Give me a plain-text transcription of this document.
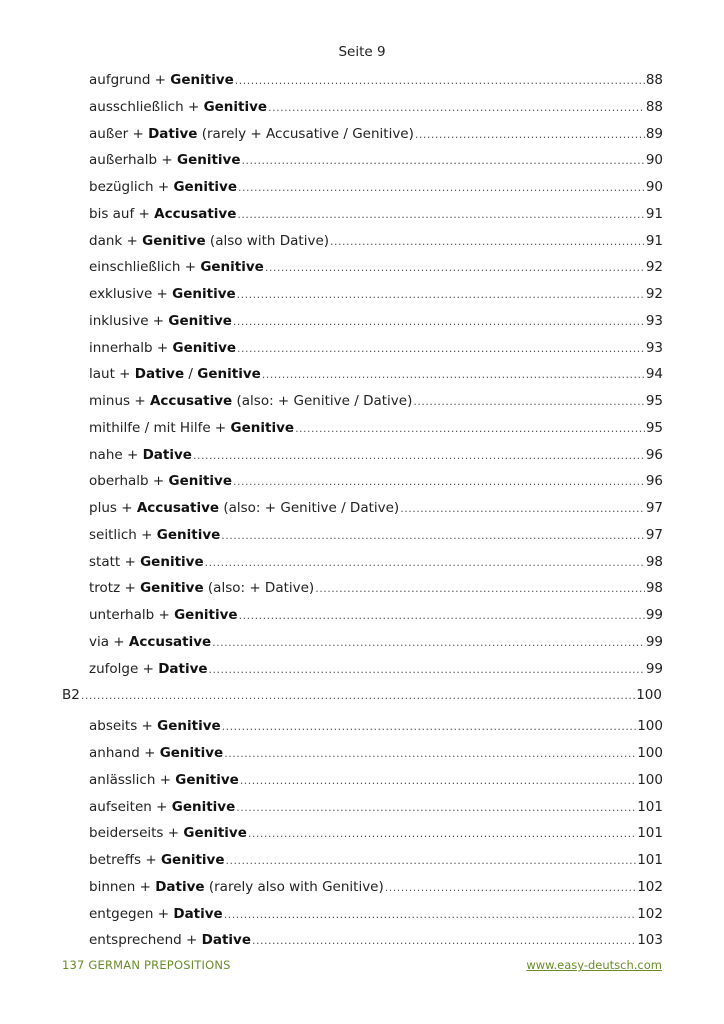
Seite 9
aufgrund + Genitive .....	88
ausschließlich + Genitive .....	88
außer + Dative (rarely + Accusative / Genitive) .....	89
außerhalb + Genitive .....	90
bezüglich + Genitive .....	90
bis auf + Accusative .....	91
dank + Genitive (also with Dative) .....	91
einschließlich + Genitive .....	92
exklusive + Genitive .....	92
inklusive + Genitive .....	93
innerhalb + Genitive .....	93
laut + Dative / Genitive .....	94
minus + Accusative (also: + Genitive / Dative) .....	95
mithilfe / mit Hilfe + Genitive .....	95
nahe + Dative .....	96
oberhalb + Genitive .....	96
plus + Accusative (also: + Genitive / Dative) .....	97
seitlich + Genitive .....	97
statt + Genitive .....	98
trotz + Genitive (also: + Dative) .....	98
unterhalb + Genitive .....	99
via + Accusative .....	99
zufolge + Dative .....	99
B2 .....	100
abseits + Genitive .....	100
anhand + Genitive .....	100
anlässlich + Genitive .....	100
aufseiten + Genitive .....	101
beiderseits + Genitive .....	101
betreffs + Genitive .....	101
binnen + Dative (rarely also with Genitive) .....	102
entgegen + Dative .....	102
entsprechend + Dative .....	103
137 GERMAN PREPOSITIONS	www.easy-deutsch.com
